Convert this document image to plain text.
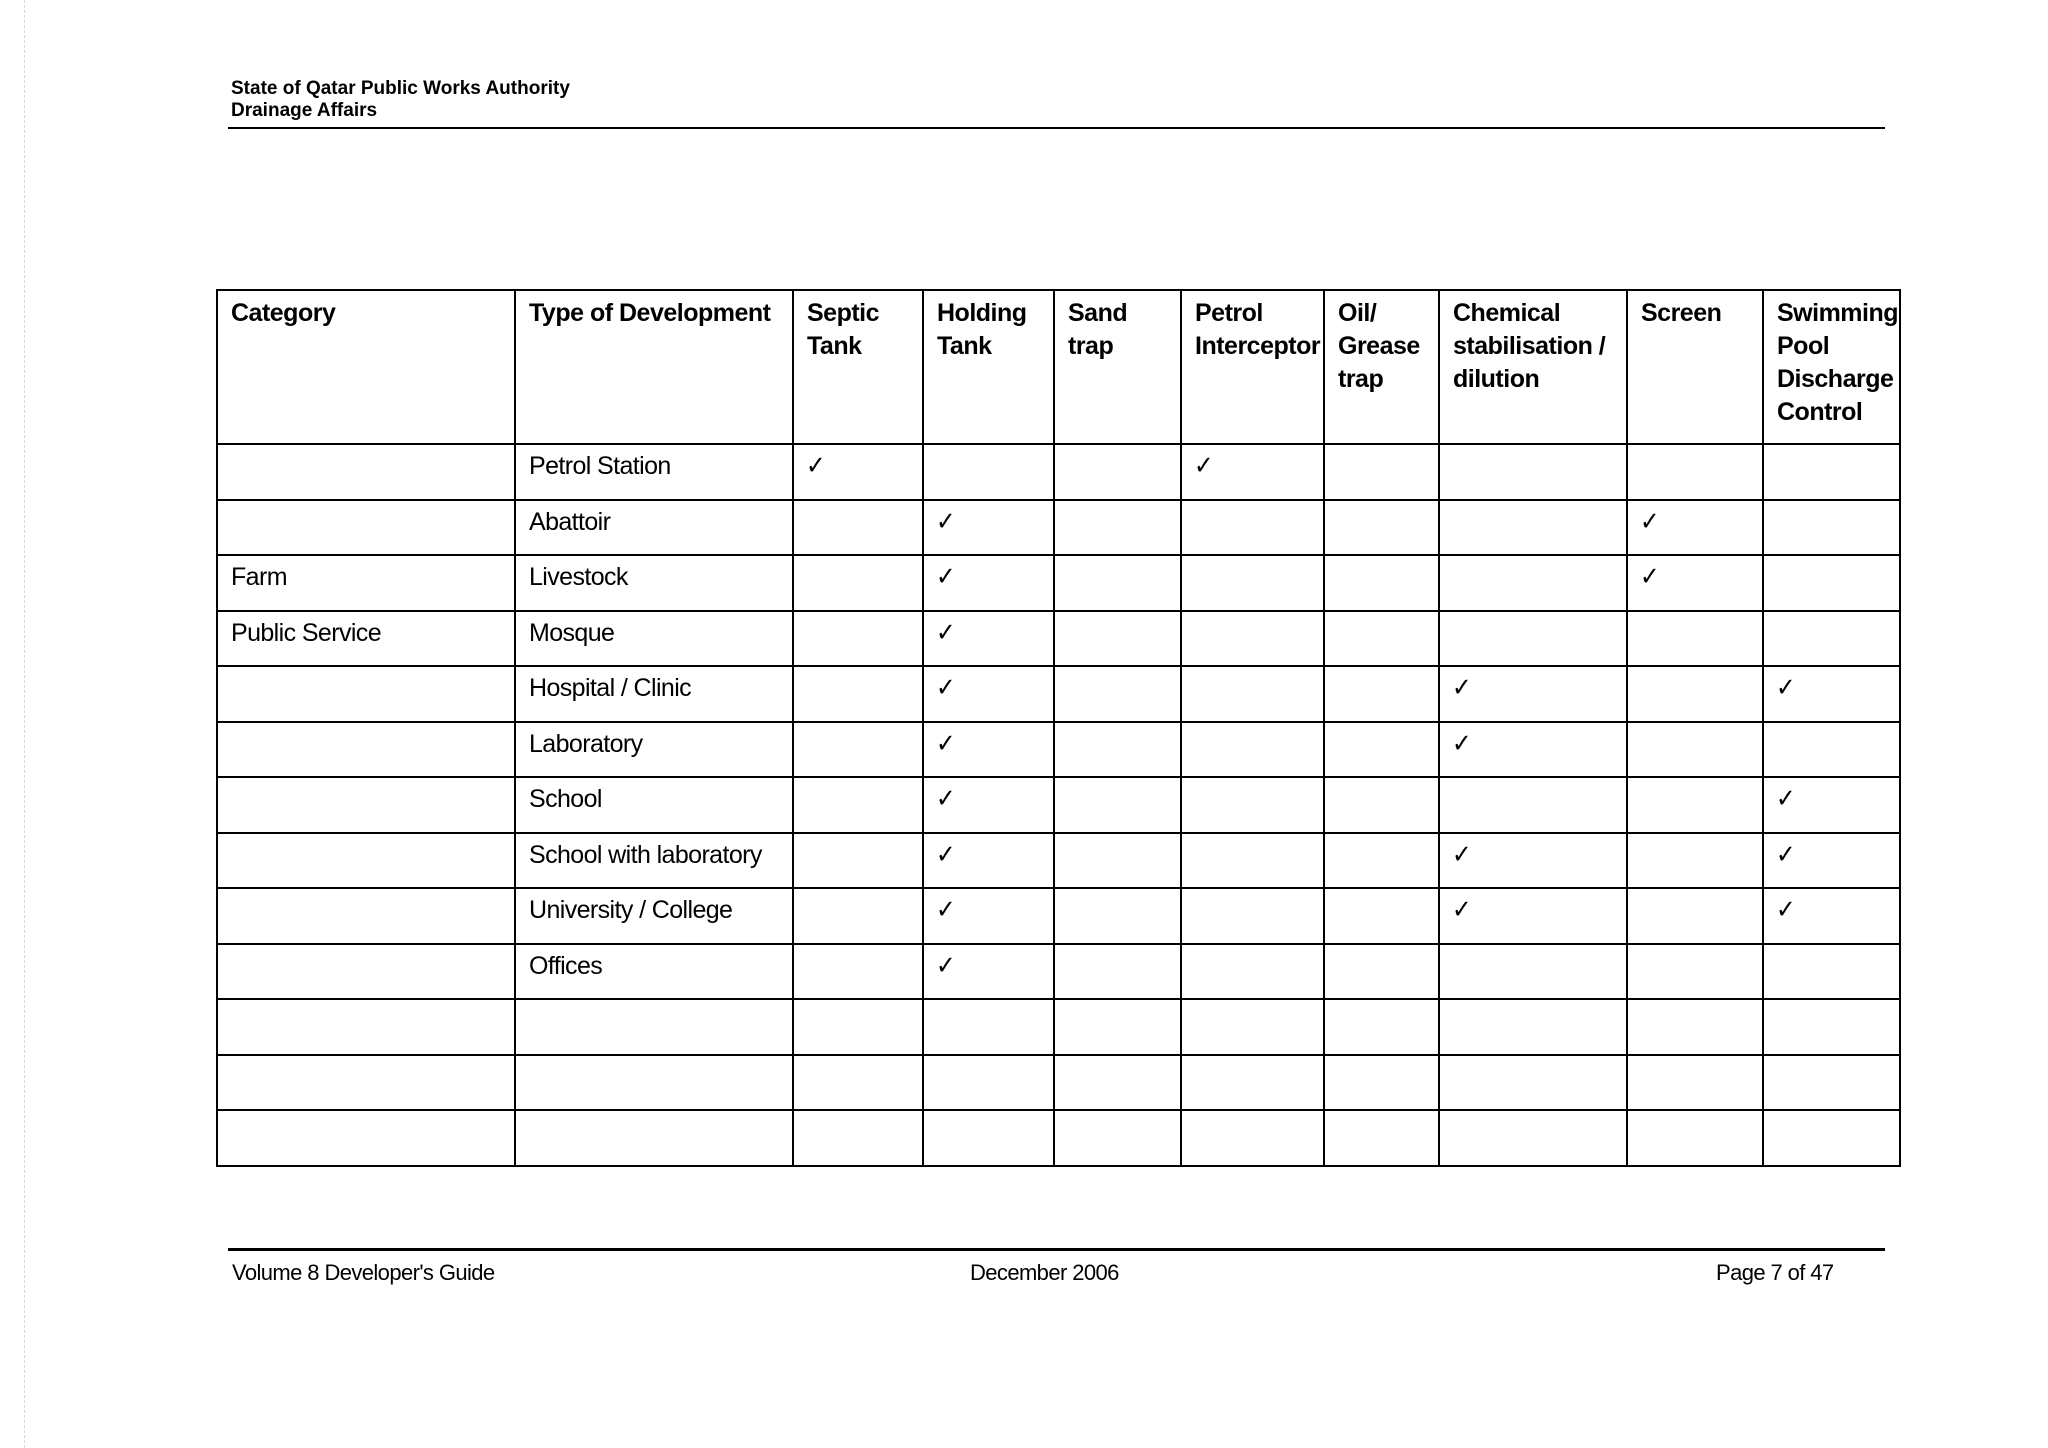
State of Qatar Public Works Authority
Drainage Affairs
Category	Type of Development	Septic Tank	Holding Tank	Sand trap	Petrol Interceptor	Oil/ Grease trap	Chemical stabilisation / dilution	Screen	Swimming Pool Discharge Control
	Petrol Station	✓			✓				
	Abattoir		✓					✓	
Farm	Livestock		✓					✓	
Public Service	Mosque		✓						
	Hospital / Clinic		✓				✓		✓
	Laboratory		✓				✓		
	School		✓						✓
	School with laboratory		✓				✓		✓
	University / College		✓				✓		✓
	Offices		✓						

Volume 8 Developer's Guide	December 2006	Page 7 of 47
